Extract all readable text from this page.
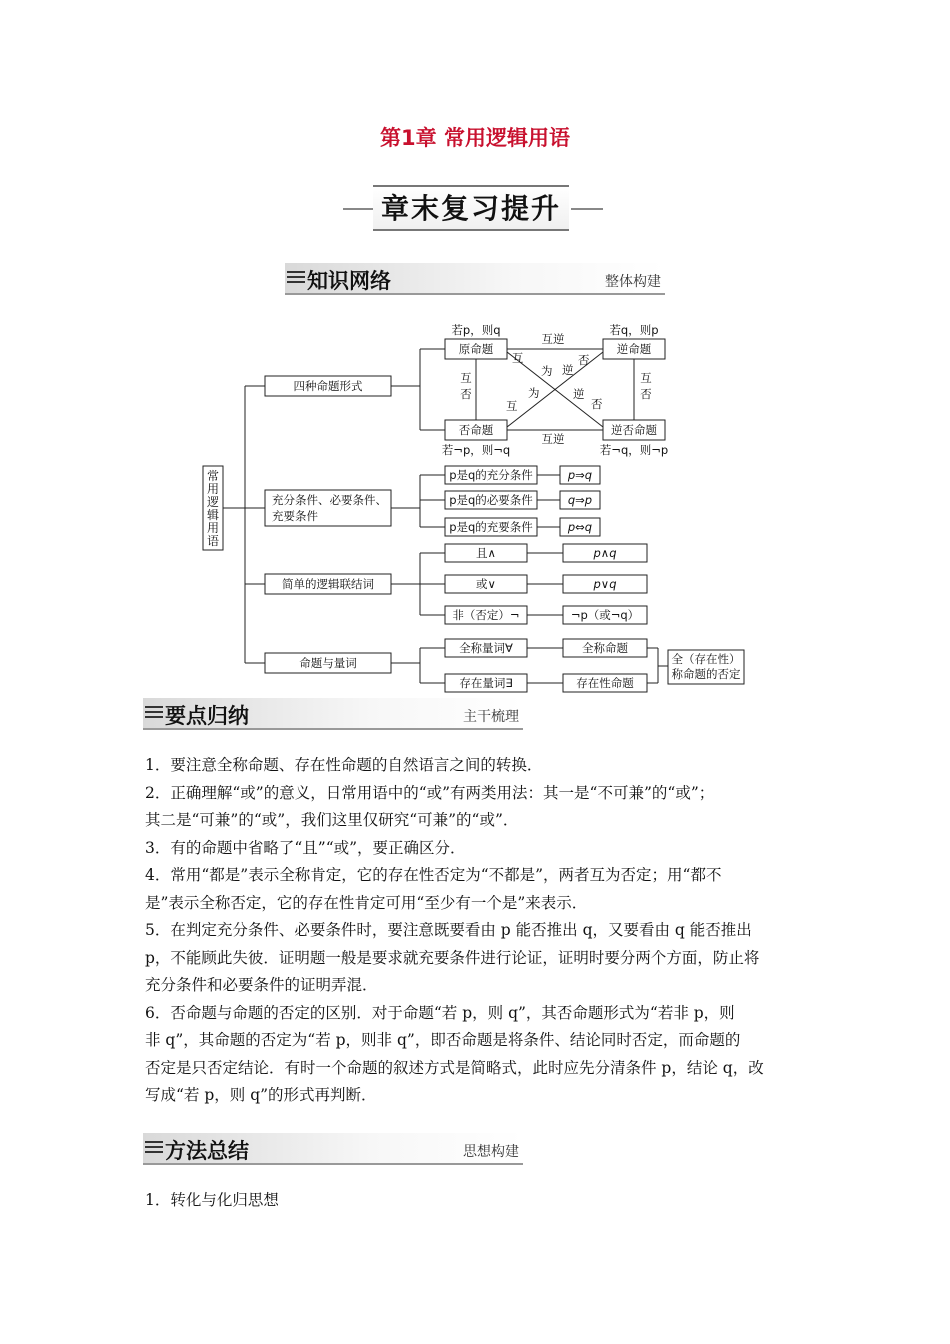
第1章 常用逻辑用语
章末复习提升
知识网络	整体构建
常用逻辑用语
四种命题形式
充分条件、必要条件、
充要条件
简单的逻辑联结词
命题与量词
原命题	逆命题
否命题	逆否命题
若p，则q	若q，则p
若¬p，则¬q	若¬q，则¬p
互逆
互逆
互否
互否
互
为
逆
否
否
逆
为
互
p是q的充分条件
p是q的必要条件
p是q的充要条件
p⇒q
q⇒p
p⇔q
且∧
或∨
非（否定）¬
p∧q
p∨q
¬p（或¬q）
全称量词∀
存在量词∃
全称命题
存在性命题
全（存在性）
称命题的否定
要点归纳	主干梳理
1．要注意全称命题、存在性命题的自然语言之间的转换．
2．正确理解“或”的意义，日常用语中的“或”有两类用法：其一是“不可兼”的“或”；
其二是“可兼”的“或”，我们这里仅研究“可兼”的“或”．
3．有的命题中省略了“且”“或”，要正确区分．
4．常用“都是”表示全称肯定，它的存在性否定为“不都是”，两者互为否定；用“都不
是”表示全称否定，它的存在性肯定可用“至少有一个是”来表示．
5．在判定充分条件、必要条件时，要注意既要看由 p 能否推出 q，又要看由 q 能否推出
p，不能顾此失彼．证明题一般是要求就充要条件进行论证，证明时要分两个方面，防止将
充分条件和必要条件的证明弄混．
6．否命题与命题的否定的区别．对于命题“若 p，则 q”，其否命题形式为“若非 p，则
非 q”，其命题的否定为“若 p，则非 q”，即否命题是将条件、结论同时否定，而命题的
否定是只否定结论．有时一个命题的叙述方式是简略式，此时应先分清条件 p，结论 q，改
写成“若 p，则 q”的形式再判断．
方法总结	思想构建
1．转化与化归思想
